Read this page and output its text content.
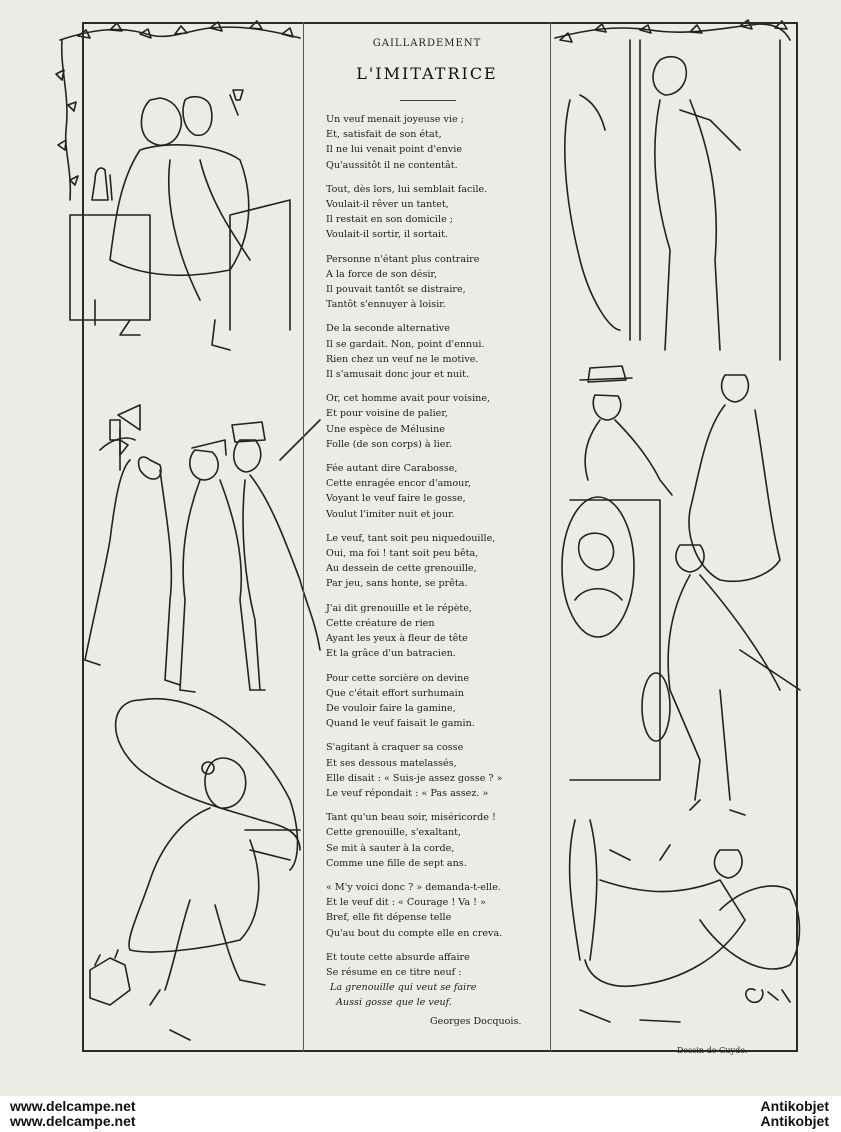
GAILLARDEMENT
L'IMITATRICE
Un veuf menait joyeuse vie ;
Et, satisfait de son état,
Il ne lui venait point d'envie
Qu'aussitôt il ne contentât.
Tout, dès lors, lui semblait facile.
Voulait-il rêver un tantet,
Il restait en son domicile ;
Voulait-il sortir, il sortait.
Personne n'étant plus contraire
A la force de son désir,
Il pouvait tantôt se distraire,
Tantôt s'ennuyer à loisir.
De la seconde alternative
Il se gardait. Non, point d'ennui.
Rien chez un veuf ne le motive.
Il s'amusait donc jour et nuit.
Or, cet homme avait pour voisine,
Et pour voisine de palier,
Une espèce de Mélusine
Folle (de son corps) à lier.
Fée autant dire Carabosse,
Cette enragée encor d'amour,
Voyant le veuf faire le gosse,
Voulut l'imiter nuit et jour.
Le veuf, tant soit peu niquedouille,
Oui, ma foi ! tant soit peu bêta,
Au dessein de cette grenouille,
Par jeu, sans honte, se prêta.
J'ai dit grenouille et le répète,
Cette créature de rien
Ayant les yeux à fleur de tête
Et la grâce d'un batracien.
Pour cette sorcière on devine
Que c'était effort surhumain
De vouloir faire la gamine,
Quand le veuf faisait le gamin.
S'agitant à craquer sa cosse
Et ses dessous matelassés,
Elle disait : « Suis-je assez gosse ? »
Le veuf répondait : « Pas assez. »
Tant qu'un beau soir, miséricorde !
Cette grenouille, s'exaltant,
Se mit à sauter à la corde,
Comme une fille de sept ans.
« M'y voici donc ? » demanda-t-elle.
Et le veuf dit : « Courage ! Va ! »
Bref, elle fit dépense telle
Qu'au bout du compte elle en creva.
Et toute cette absurde affaire
Se résume en ce titre neuf :
La grenouille qui veut se faire
Aussi gosse que le veuf.
Georges Docquois.
Dessin de Guydo.
www.delcampe.net
www.delcampe.net
Antikobjet
Antikobjet
